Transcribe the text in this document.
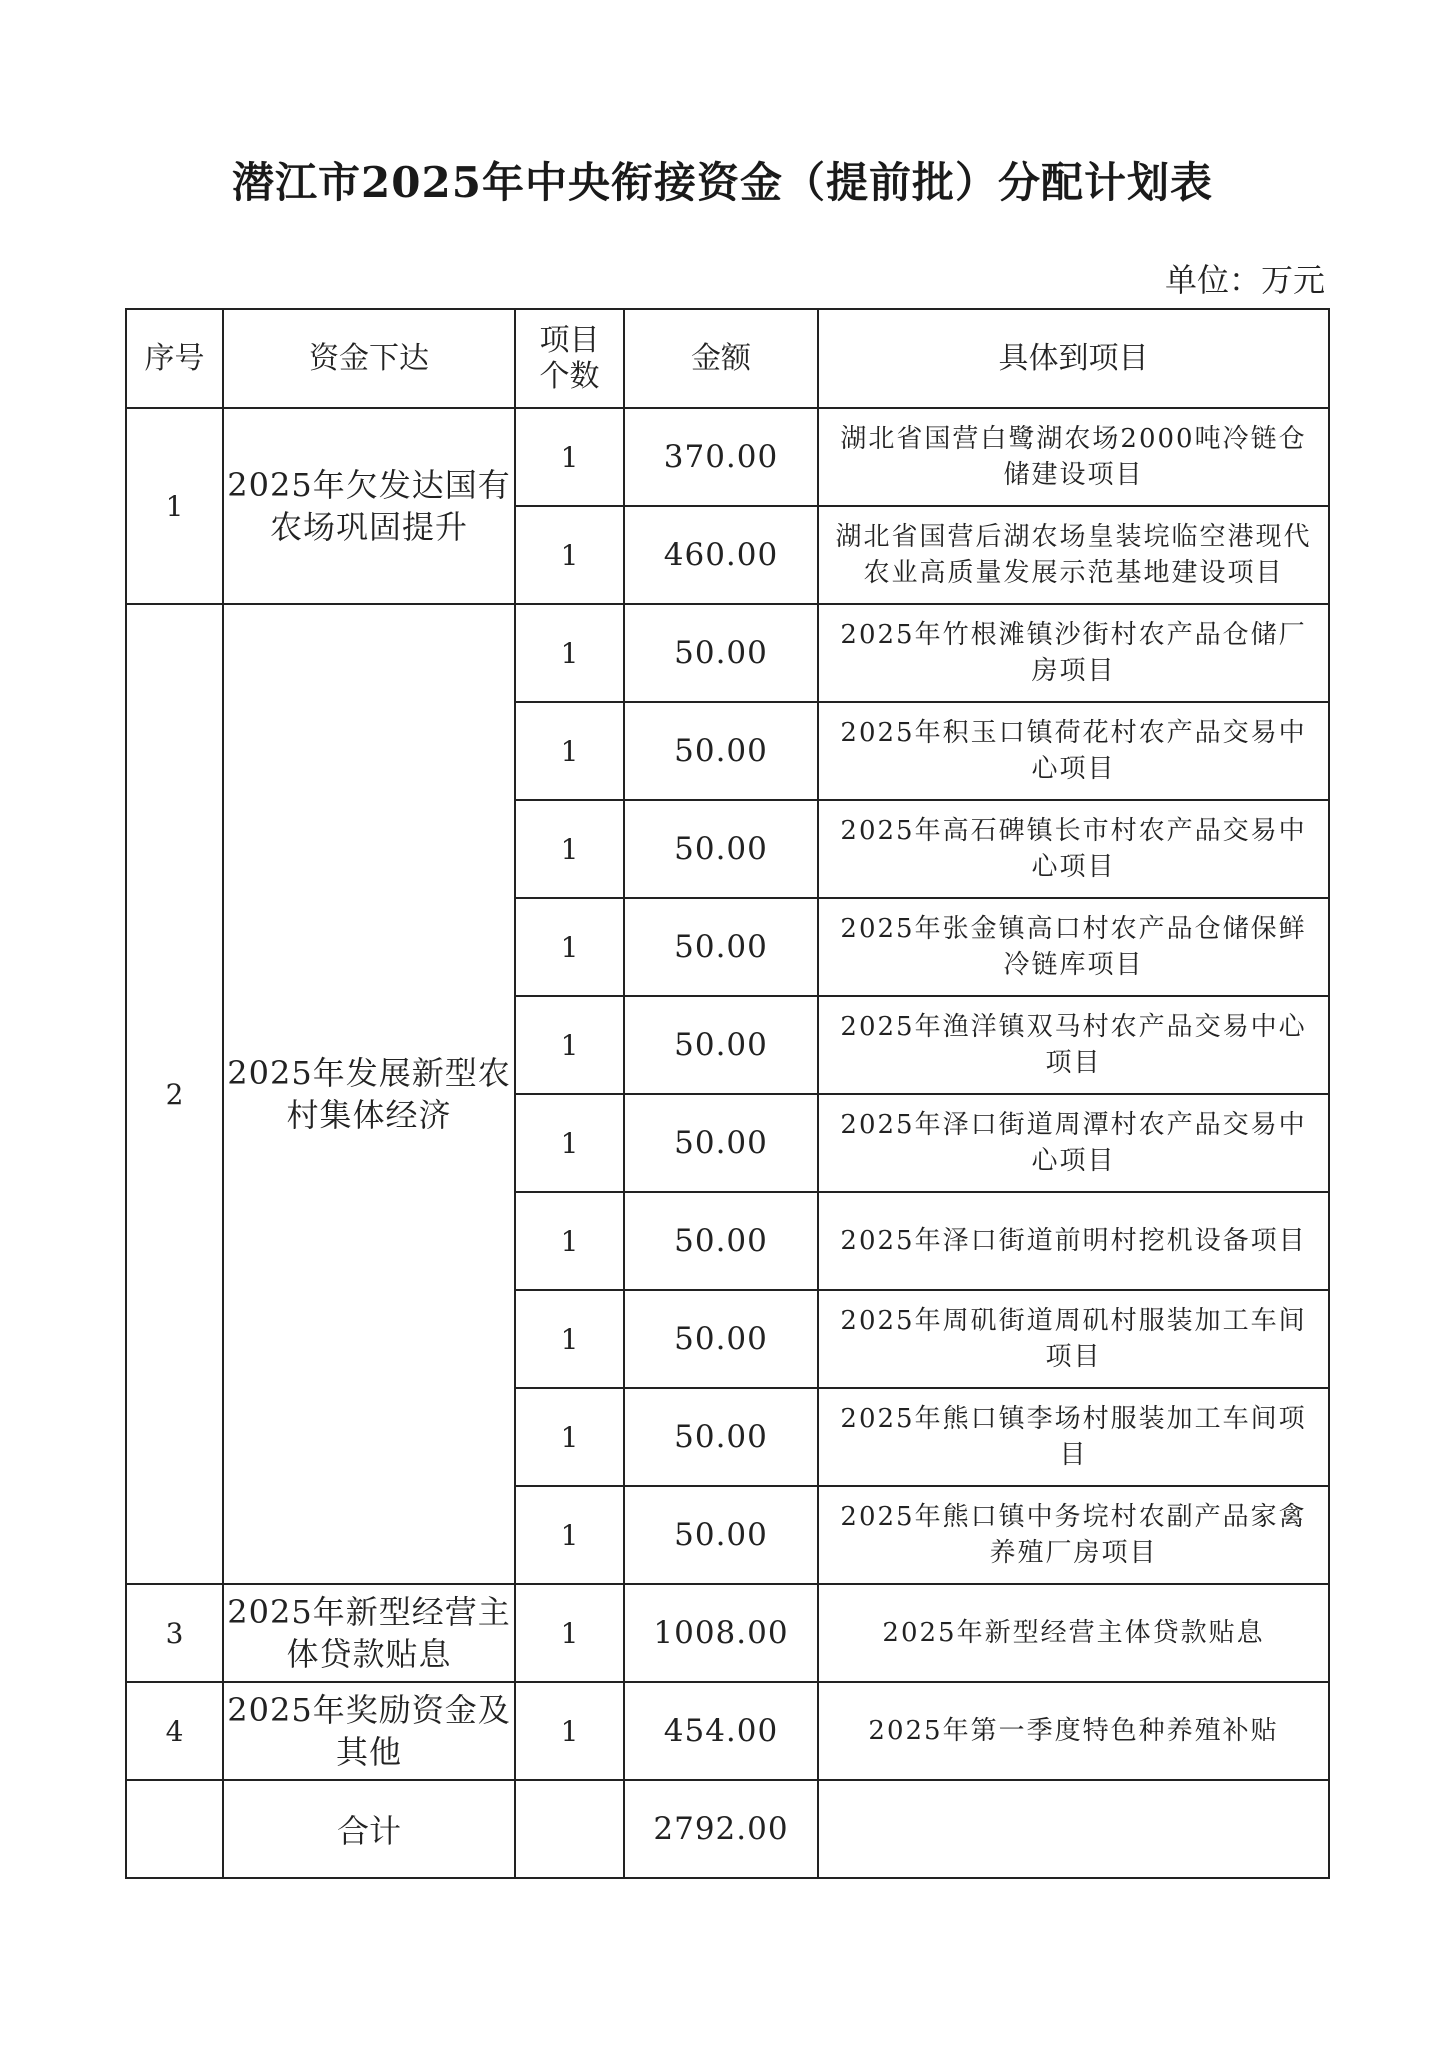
潜江市2025年中央衔接资金（提前批）分配计划表
单位：万元
序号	资金下达	项目个数	金额	具体到项目
1	2025年欠发达国有农场巩固提升	1	370.00	湖北省国营白鹭湖农场2000吨冷链仓储建设项目
		1	460.00	湖北省国营后湖农场皇装垸临空港现代农业高质量发展示范基地建设项目
2	2025年发展新型农村集体经济	1	50.00	2025年竹根滩镇沙街村农产品仓储厂房项目
		1	50.00	2025年积玉口镇荷花村农产品交易中心项目
		1	50.00	2025年高石碑镇长市村农产品交易中心项目
		1	50.00	2025年张金镇高口村农产品仓储保鲜冷链库项目
		1	50.00	2025年渔洋镇双马村农产品交易中心项目
		1	50.00	2025年泽口街道周潭村农产品交易中心项目
		1	50.00	2025年泽口街道前明村挖机设备项目
		1	50.00	2025年周矶街道周矶村服装加工车间项目
		1	50.00	2025年熊口镇李场村服装加工车间项目
		1	50.00	2025年熊口镇中务垸村农副产品家禽养殖厂房项目
3	2025年新型经营主体贷款贴息	1	1008.00	2025年新型经营主体贷款贴息
4	2025年奖励资金及其他	1	454.00	2025年第一季度特色种养殖补贴
	合计		2792.00	
